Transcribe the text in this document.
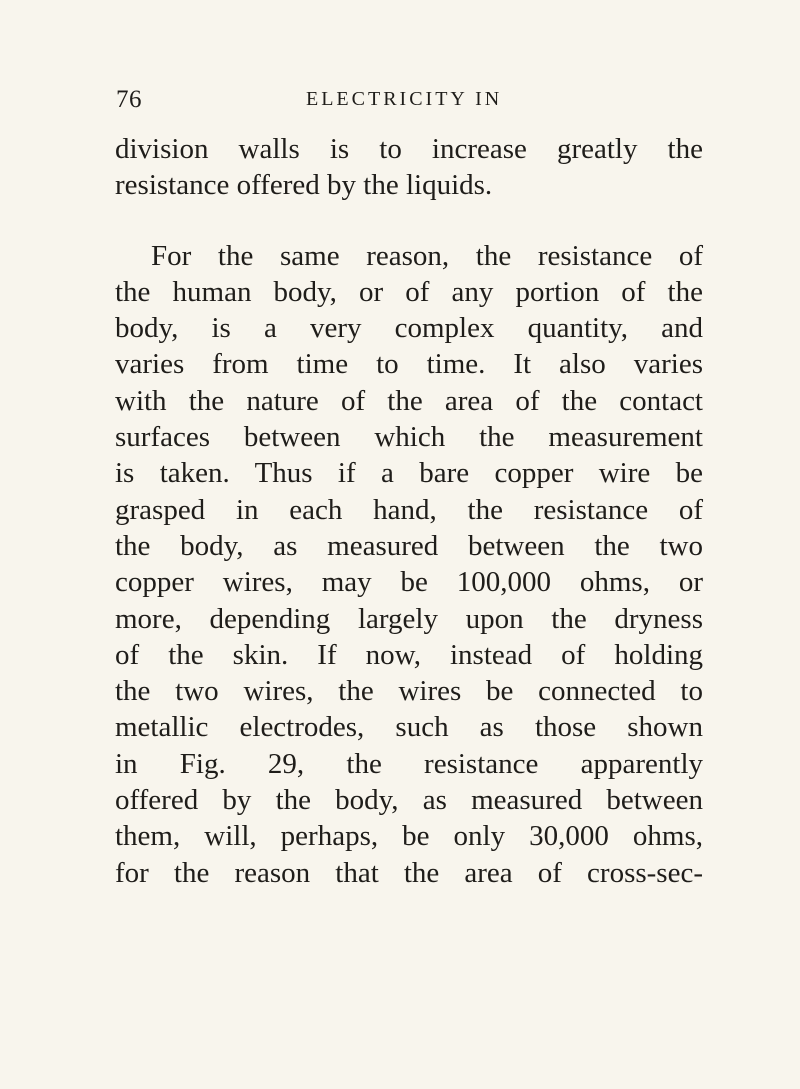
76	ELECTRICITY IN
division walls is to increase greatly the
resistance offered by the liquids.
For the same reason, the resistance of
the human body, or of any portion of the
body, is a very complex quantity, and
varies from time to time. It also varies
with the nature of the area of the contact
surfaces between which the measurement
is taken. Thus if a bare copper wire be
grasped in each hand, the resistance of
the body, as measured between the two
copper wires, may be 100,000 ohms, or
more, depending largely upon the dryness
of the skin. If now, instead of holding
the two wires, the wires be connected to
metallic electrodes, such as those shown
in Fig. 29, the resistance apparently
offered by the body, as measured between
them, will, perhaps, be only 30,000 ohms,
for the reason that the area of cross-sec-
